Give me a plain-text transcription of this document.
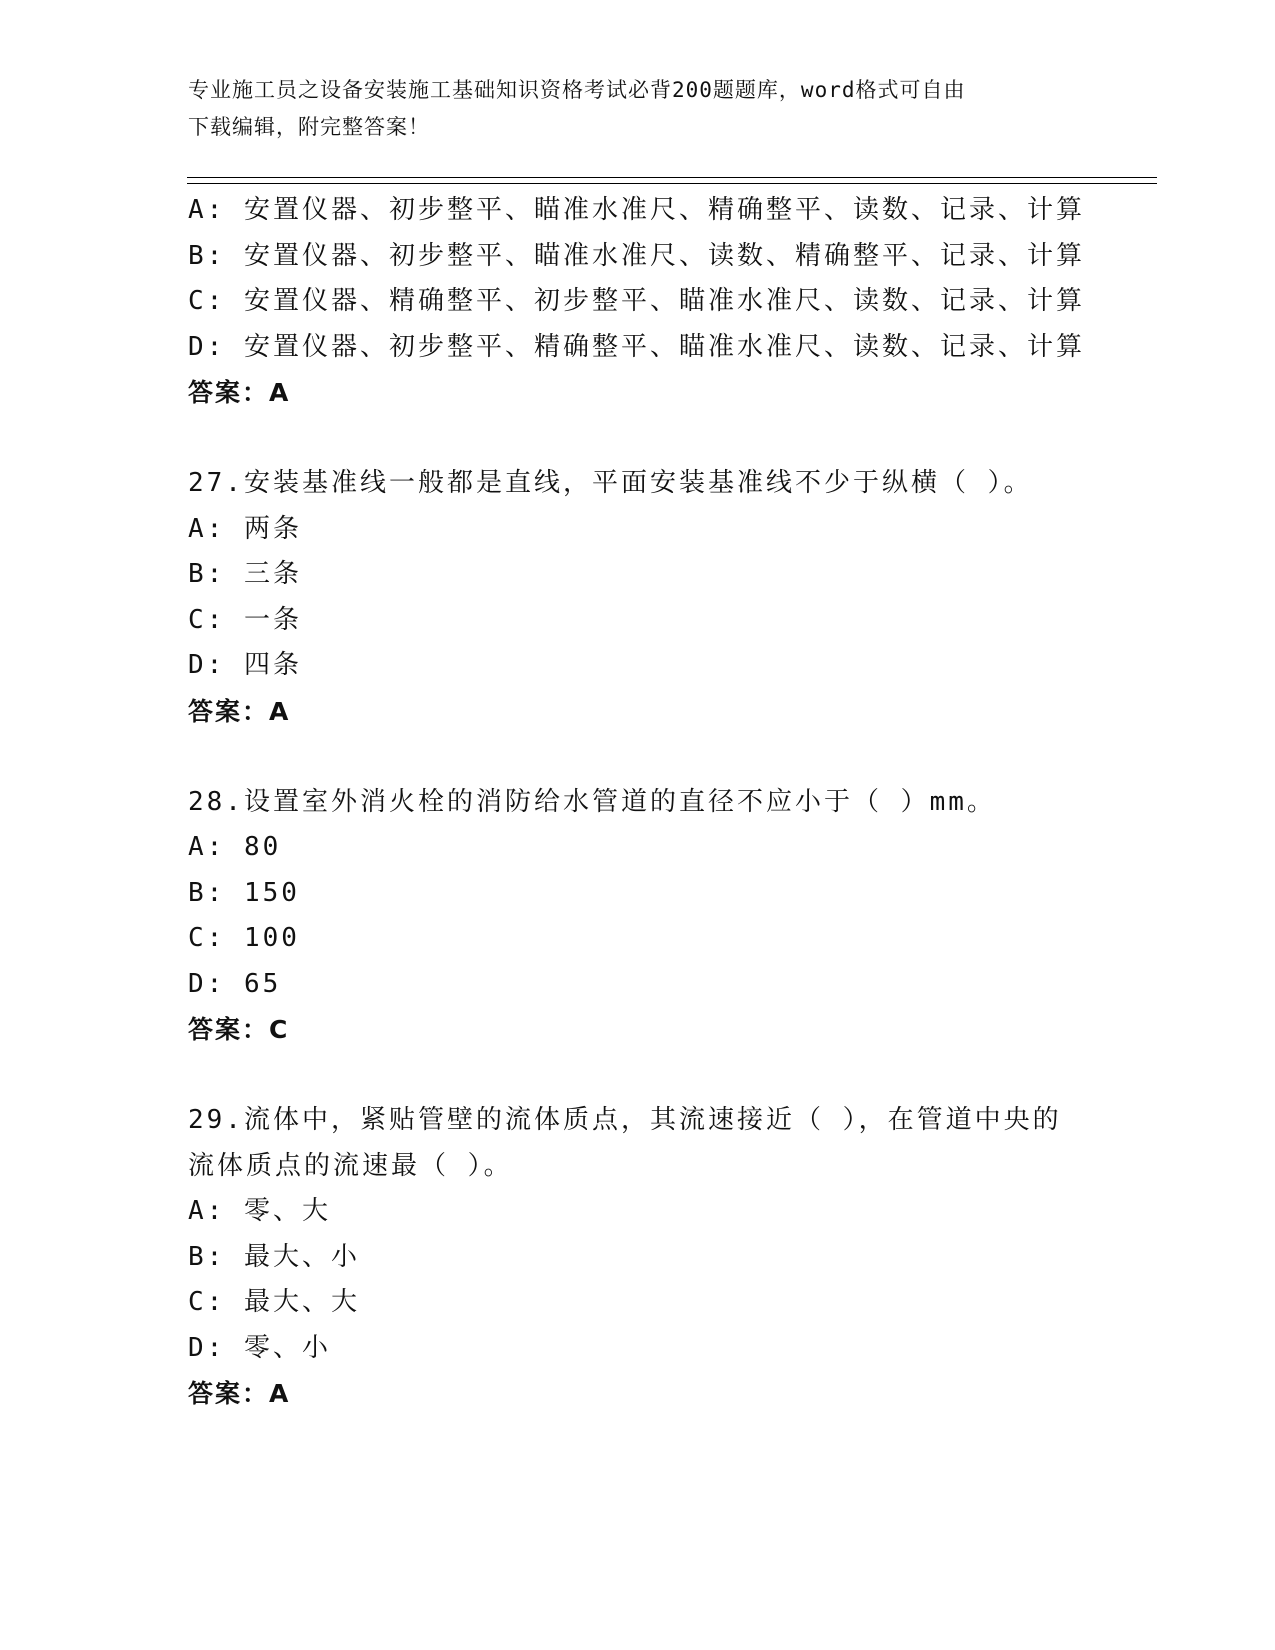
专业施工员之设备安装施工基础知识资格考试必背200题题库，word格式可自由
下载编辑，附完整答案！
A: 安置仪器、初步整平、瞄准水准尺、精确整平、读数、记录、计算
B: 安置仪器、初步整平、瞄准水准尺、读数、精确整平、记录、计算
C: 安置仪器、精确整平、初步整平、瞄准水准尺、读数、记录、计算
D: 安置仪器、初步整平、精确整平、瞄准水准尺、读数、记录、计算
答案：A
27.安装基准线一般都是直线，平面安装基准线不少于纵横（ ）。
A: 两条
B: 三条
C: 一条
D: 四条
答案：A
28.设置室外消火栓的消防给水管道的直径不应小于（ ）mm。
A: 80
B: 150
C: 100
D: 65
答案：C
29.流体中，紧贴管壁的流体质点，其流速接近（ ），在管道中央的
流体质点的流速最（ ）。
A: 零、大
B: 最大、小
C: 最大、大
D: 零、小
答案：A
